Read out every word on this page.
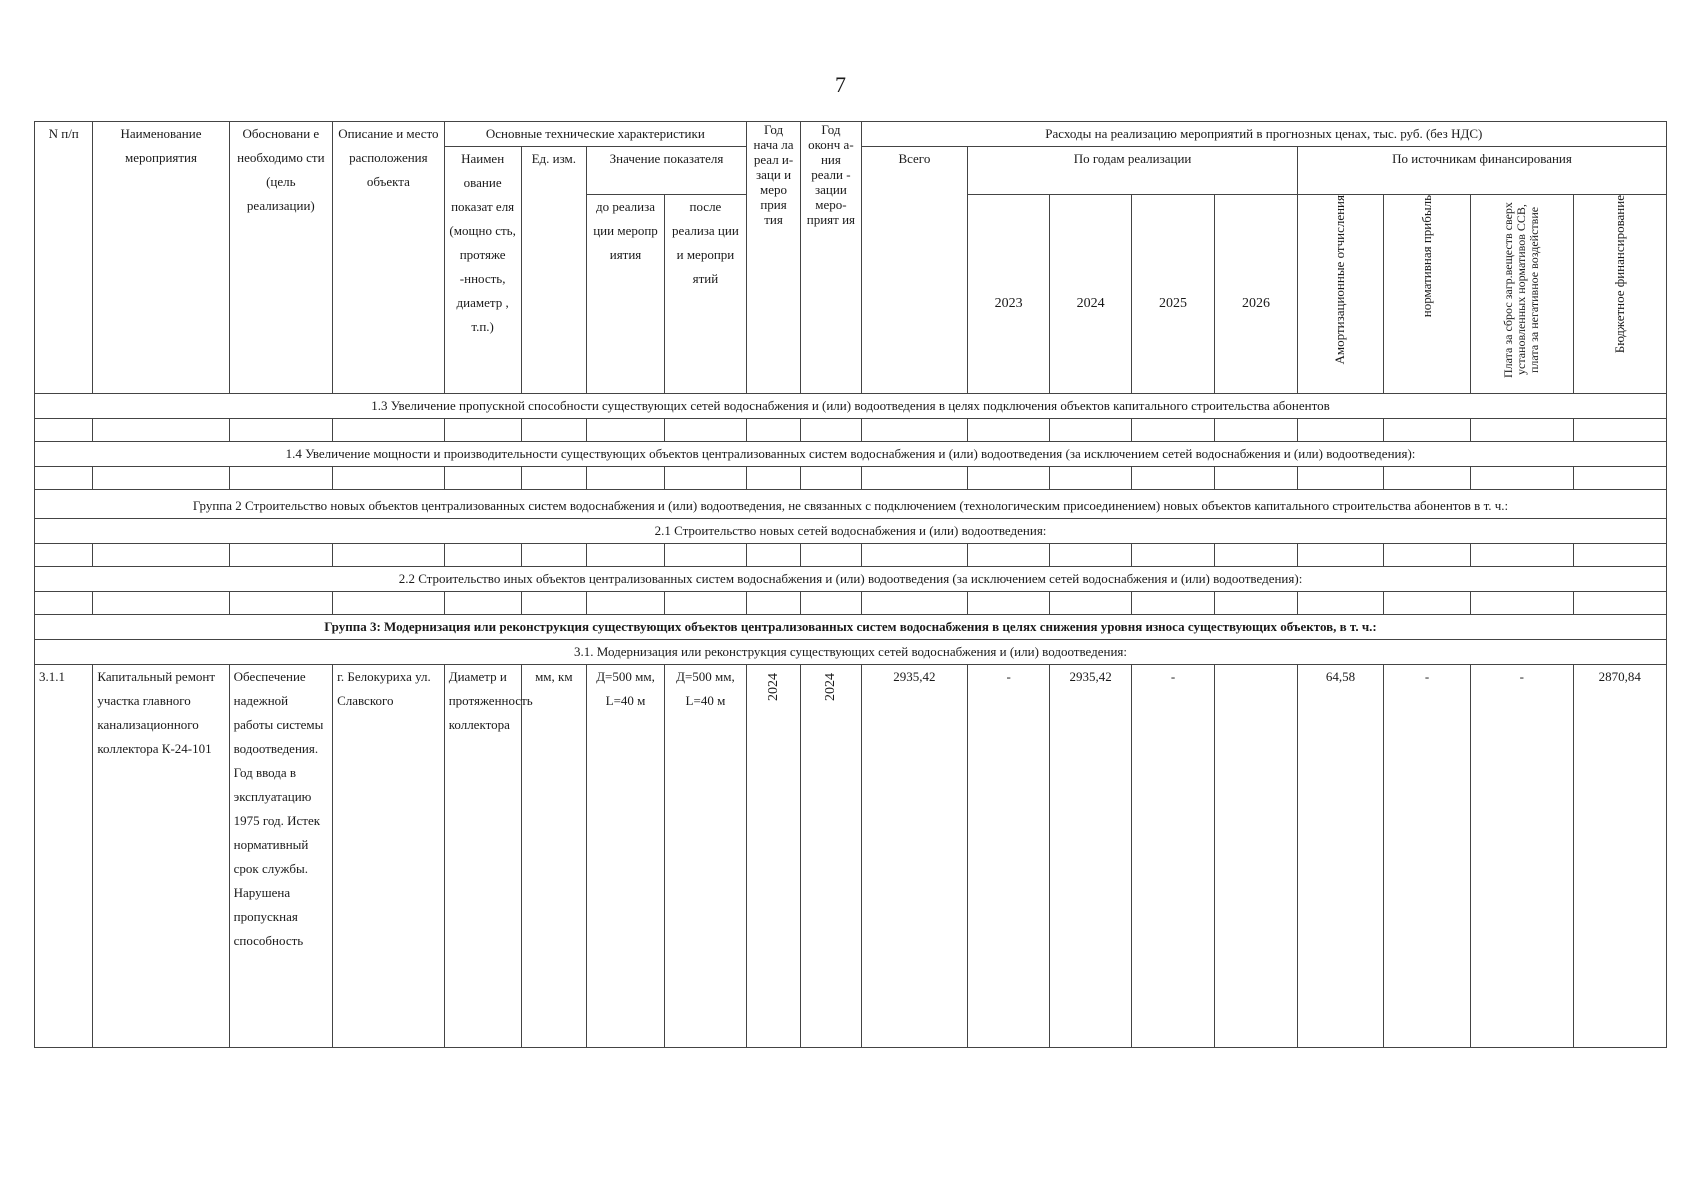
7
N п/п	Наименование мероприятия	Обосновани е необходимо сти (цель реализации)	Описание и место расположения объекта	Основные технические характеристики				Год нача ла реал и- заци и меро прия тия	Год оконч а-ния реали - зации меро- прият ия	Расходы на реализацию мероприятий в прогнозных ценах, тыс. руб. (без НДС)								
				Наимен ование показат еля (мощно сть, протяже -нность, диаметр , т.п.)	Ед. изм.	Значение показателя				Всего	По годам реализации				По источникам финансирования			
						до реализа ции меропр иятия	после реализа ции и меропри ятий				2023	2024	2025	2026	Амортизационные отчисления	нормативная прибыль	Плата за сброс загр.веществ сверх установленных нормативов ССВ, плата за негативное воздействие	Бюджетное финансирование
1.3 Увеличение пропускной способности существующих сетей водоснабжения и (или) водоотведения в целях подключения объектов капитального строительства абонентов																		

1.4 Увеличение мощности и производительности существующих объектов централизованных систем водоснабжения и (или) водоотведения (за исключением сетей водоснабжения и (или) водоотведения):																		

Группа 2 Строительство новых объектов централизованных систем водоснабжения и (или) водоотведения, не связанных с подключением (технологическим присоединением) новых объектов капитального строительства абонентов в т. ч.:																		
2.1 Строительство новых сетей водоснабжения и (или) водоотведения:																		

2.2 Строительство иных объектов централизованных систем водоснабжения и (или) водоотведения (за исключением сетей водоснабжения и (или) водоотведения):																		

Группа 3: Модернизация или реконструкция существующих объектов централизованных систем водоснабжения в целях снижения уровня износа существующих объектов, в т. ч.:																		
3.1. Модернизация или реконструкция существующих сетей водоснабжения и (или) водоотведения:																		
3.1.1	Капитальный ремонт участка главного канализационного коллектора К-24-101	Обеспечение надежной работы системы водоотведения. Год ввода в эксплуатацию 1975 год. Истек нормативный срок службы. Нарушена пропускная способность	г. Белокуриха ул. Славского	Диаметр и протяженность коллектора	мм, км	Д=500 мм, L=40 м	Д=500 мм, L=40 м	2024	2024	2935,42	-	2935,42	-		64,58	-	-	2870,84
